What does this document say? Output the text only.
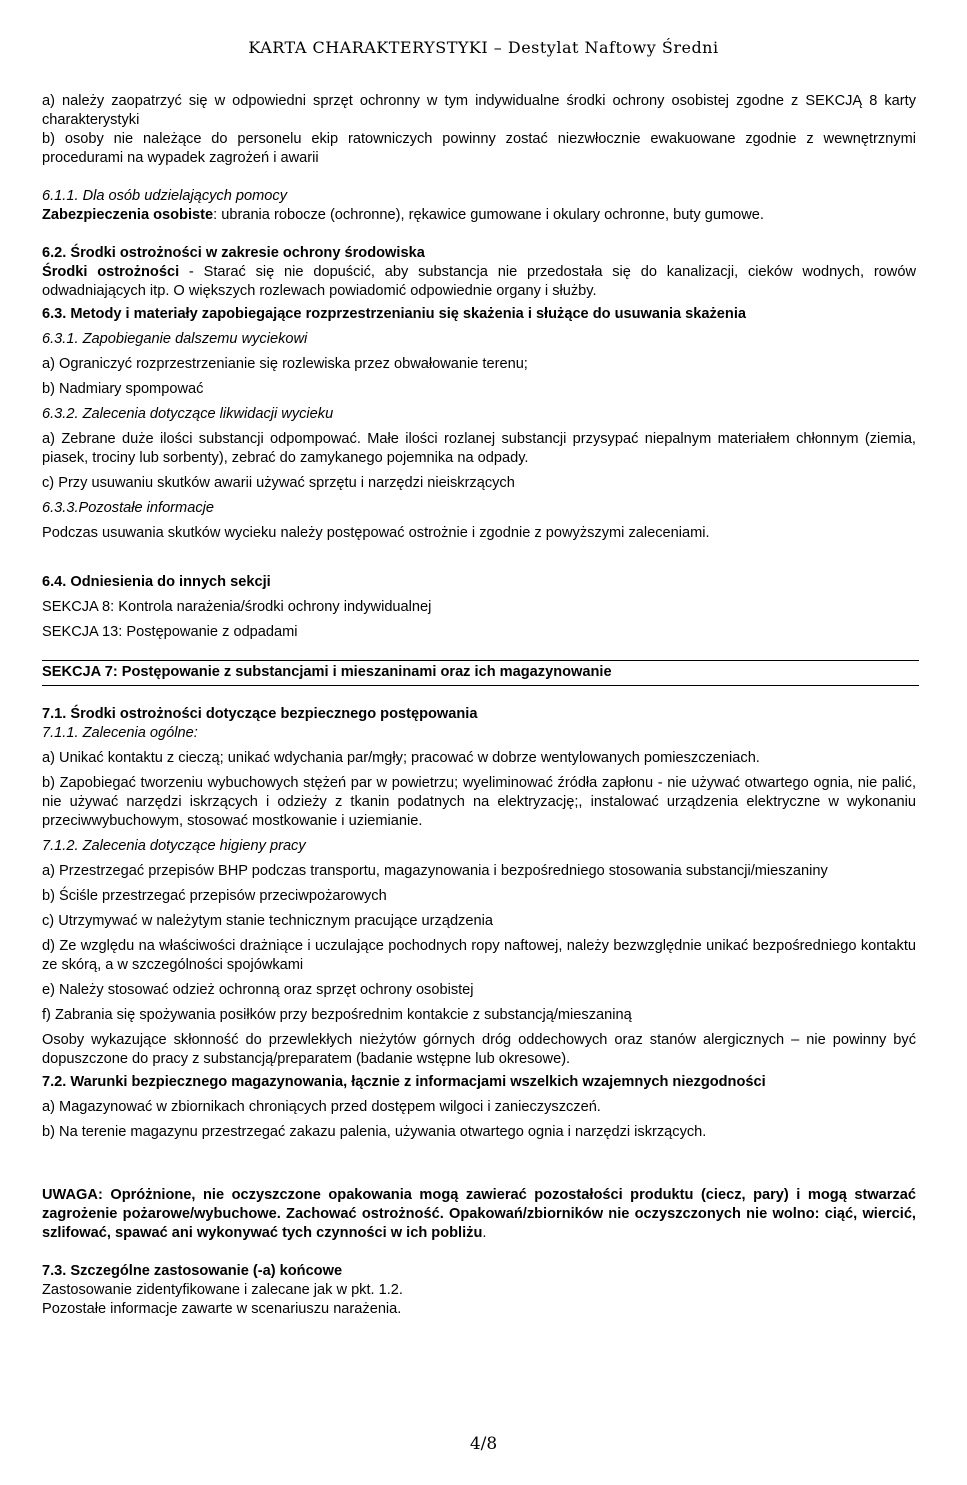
KARTA CHARAKTERYSTYKI – Destylat Naftowy Średni

a) należy zaopatrzyć się w odpowiedni sprzęt ochronny w tym indywidualne środki ochrony osobistej zgodne z SEKCJĄ 8 karty charakterystyki

b) osoby nie należące do personelu ekip ratowniczych powinny zostać niezwłocznie ewakuowane zgodnie z wewnętrznymi procedurami na wypadek zagrożeń i awarii

6.1.1. Dla osób udzielających pomocy

Zabezpieczenia osobiste: ubrania robocze (ochronne), rękawice gumowane i okulary ochronne, buty gumowe.

6.2. Środki ostrożności w zakresie ochrony środowiska

Środki ostrożności - Starać się nie dopuścić, aby substancja nie przedostała się do kanalizacji, cieków wodnych, rowów odwadniających itp. O większych rozlewach powiadomić odpowiednie organy i służby.

6.3. Metody i materiały zapobiegające rozprzestrzenianiu się skażenia i służące do usuwania skażenia

6.3.1. Zapobieganie dalszemu wyciekowi

a) Ograniczyć rozprzestrzenianie się rozlewiska przez obwałowanie terenu;

b) Nadmiary spompować

6.3.2. Zalecenia dotyczące likwidacji wycieku

a) Zebrane duże ilości substancji odpompować. Małe ilości rozlanej substancji przysypać niepalnym materiałem chłonnym (ziemia, piasek, trociny lub sorbenty), zebrać do zamykanego pojemnika na odpady.

c) Przy usuwaniu skutków awarii używać sprzętu i narzędzi nieiskrzących

6.3.3.Pozostałe informacje

Podczas usuwania skutków wycieku należy postępować ostrożnie i zgodnie z powyższymi zaleceniami.

6.4. Odniesienia do innych sekcji

SEKCJA 8: Kontrola narażenia/środki ochrony indywidualnej

SEKCJA 13: Postępowanie z odpadami

SEKCJA 7: Postępowanie z substancjami i mieszaninami oraz ich magazynowanie

7.1. Środki ostrożności dotyczące bezpiecznego postępowania

7.1.1. Zalecenia ogólne:

a) Unikać kontaktu z cieczą; unikać wdychania par/mgły; pracować w dobrze wentylowanych pomieszczeniach.

b) Zapobiegać tworzeniu wybuchowych stężeń par w powietrzu; wyeliminować źródła zapłonu - nie używać otwartego ognia, nie palić, nie używać narzędzi iskrzących i odzieży z tkanin podatnych na elektryzację;, instalować urządzenia elektryczne w wykonaniu przeciwwybuchowym, stosować mostkowanie i uziemianie.

7.1.2. Zalecenia dotyczące higieny pracy

a) Przestrzegać przepisów BHP podczas transportu, magazynowania i bezpośredniego stosowania substancji/mieszaniny

b) Ściśle przestrzegać przepisów przeciwpożarowych

c) Utrzymywać w należytym stanie technicznym pracujące urządzenia

d) Ze względu na właściwości drażniące i uczulające pochodnych ropy naftowej, należy bezwzględnie unikać bezpośredniego kontaktu ze skórą, a w szczególności spojówkami

e) Należy stosować odzież ochronną oraz sprzęt ochrony osobistej

f) Zabrania się spożywania posiłków przy bezpośrednim kontakcie z substancją/mieszaniną

Osoby wykazujące skłonność do przewlekłych nieżytów górnych dróg oddechowych oraz stanów alergicznych – nie powinny być dopuszczone do pracy z substancją/preparatem (badanie wstępne lub okresowe).

7.2. Warunki bezpiecznego magazynowania, łącznie z informacjami wszelkich wzajemnych niezgodności

a) Magazynować w zbiornikach chroniących przed dostępem wilgoci i zanieczyszczeń.

b) Na terenie magazynu przestrzegać zakazu palenia, używania otwartego ognia i narzędzi iskrzących.

UWAGA: Opróżnione, nie oczyszczone opakowania mogą zawierać pozostałości produktu (ciecz, pary) i mogą stwarzać zagrożenie pożarowe/wybuchowe. Zachować ostrożność. Opakowań/zbiorników nie oczyszczonych nie wolno: ciąć, wiercić, szlifować, spawać ani wykonywać tych czynności w ich pobliżu.

7.3. Szczególne zastosowanie (-a) końcowe

Zastosowanie zidentyfikowane i zalecane jak w pkt. 1.2.

Pozostałe informacje zawarte w scenariuszu narażenia.

4/8
